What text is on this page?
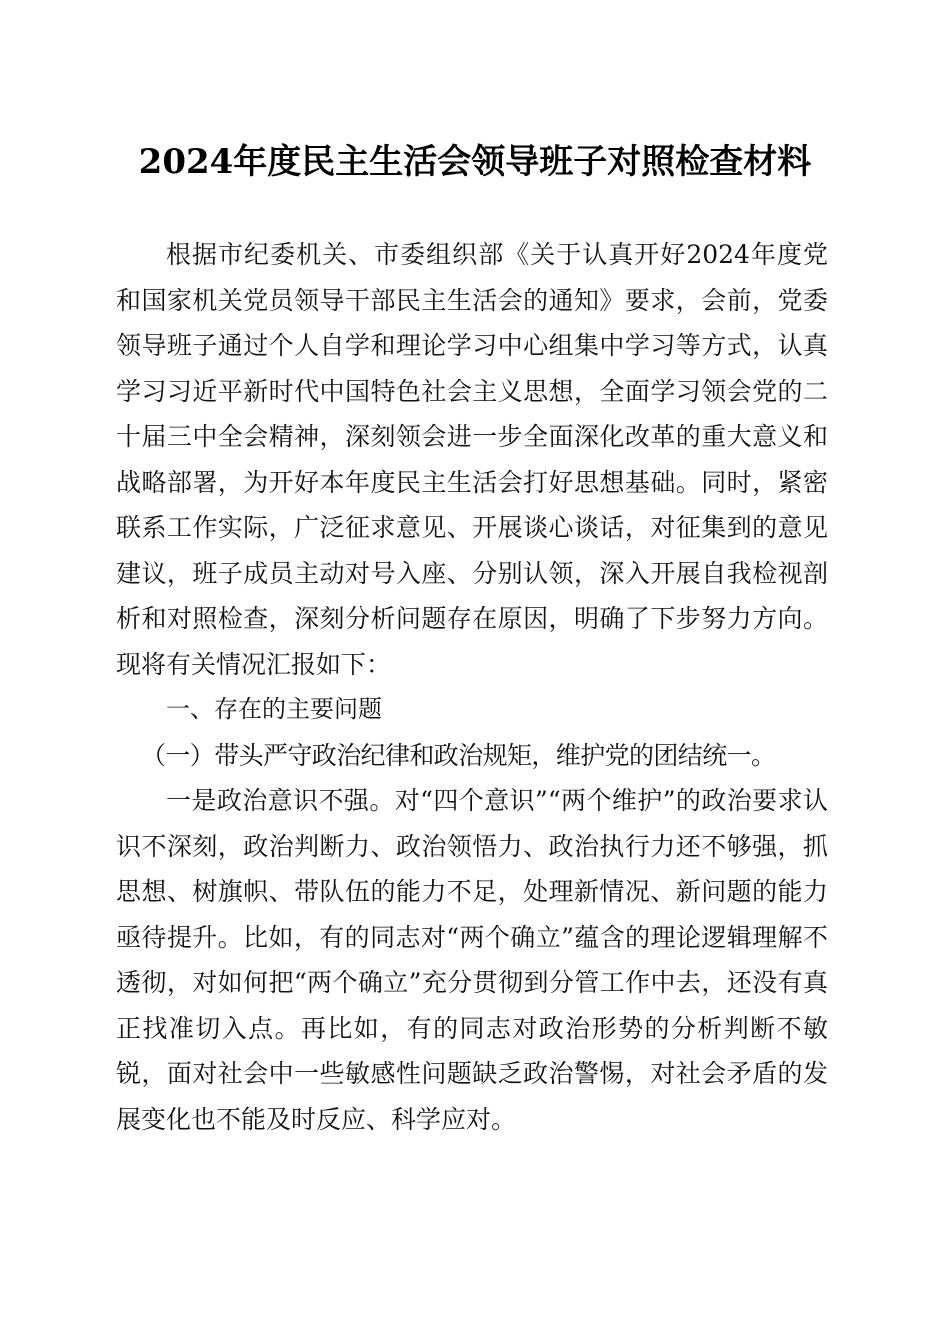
2024年度民主生活会领导班子对照检查材料

根据市纪委机关、市委组织部《关于认真开好2024年度党和国家机关党员领导干部民主生活会的通知》要求，会前，党委领导班子通过个人自学和理论学习中心组集中学习等方式，认真学习习近平新时代中国特色社会主义思想，全面学习领会党的二十届三中全会精神，深刻领会进一步全面深化改革的重大意义和战略部署，为开好本年度民主生活会打好思想基础。同时，紧密联系工作实际，广泛征求意见、开展谈心谈话，对征集到的意见建议，班子成员主动对号入座、分别认领，深入开展自我检视剖析和对照检查，深刻分析问题存在原因，明确了下步努力方向。现将有关情况汇报如下：

一、存在的主要问题

（一）带头严守政治纪律和政治规矩，维护党的团结统一。

一是政治意识不强。对“四个意识”“两个维护”的政治要求认识不深刻，政治判断力、政治领悟力、政治执行力还不够强，抓思想、树旗帜、带队伍的能力不足，处理新情况、新问题的能力亟待提升。比如，有的同志对“两个确立”蕴含的理论逻辑理解不透彻，对如何把“两个确立”充分贯彻到分管工作中去，还没有真正找准切入点。再比如，有的同志对政治形势的分析判断不敏锐，面对社会中一些敏感性问题缺乏政治警惕，对社会矛盾的发展变化也不能及时反应、科学应对。
